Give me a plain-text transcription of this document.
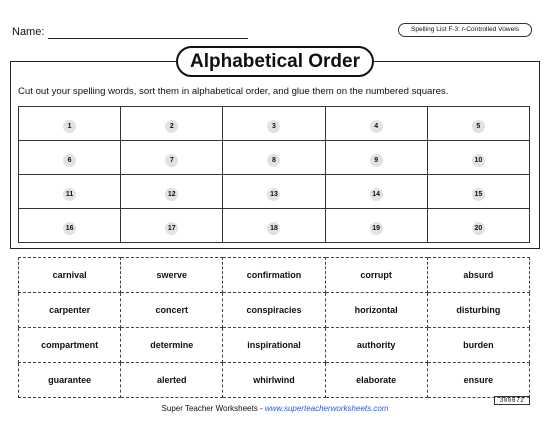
Name:	Spelling List F-3: r-Controlled Vowels
Alphabetical Order
Cut out your spelling words, sort them in alphabetical order, and glue them on the numbered squares.
1	2	3	4	5
6	7	8	9	10
11	12	13	14	15
16	17	18	19	20
carnival	swerve	confirmation	corrupt	absurd
carpenter	concert	conspiracies	horizontal	disturbing
compartment	determine	inspirational	authority	burden
guarantee	alerted	whirlwind	elaborate	ensure
Super Teacher Worksheets - www.superteacherworksheets.com
300672
